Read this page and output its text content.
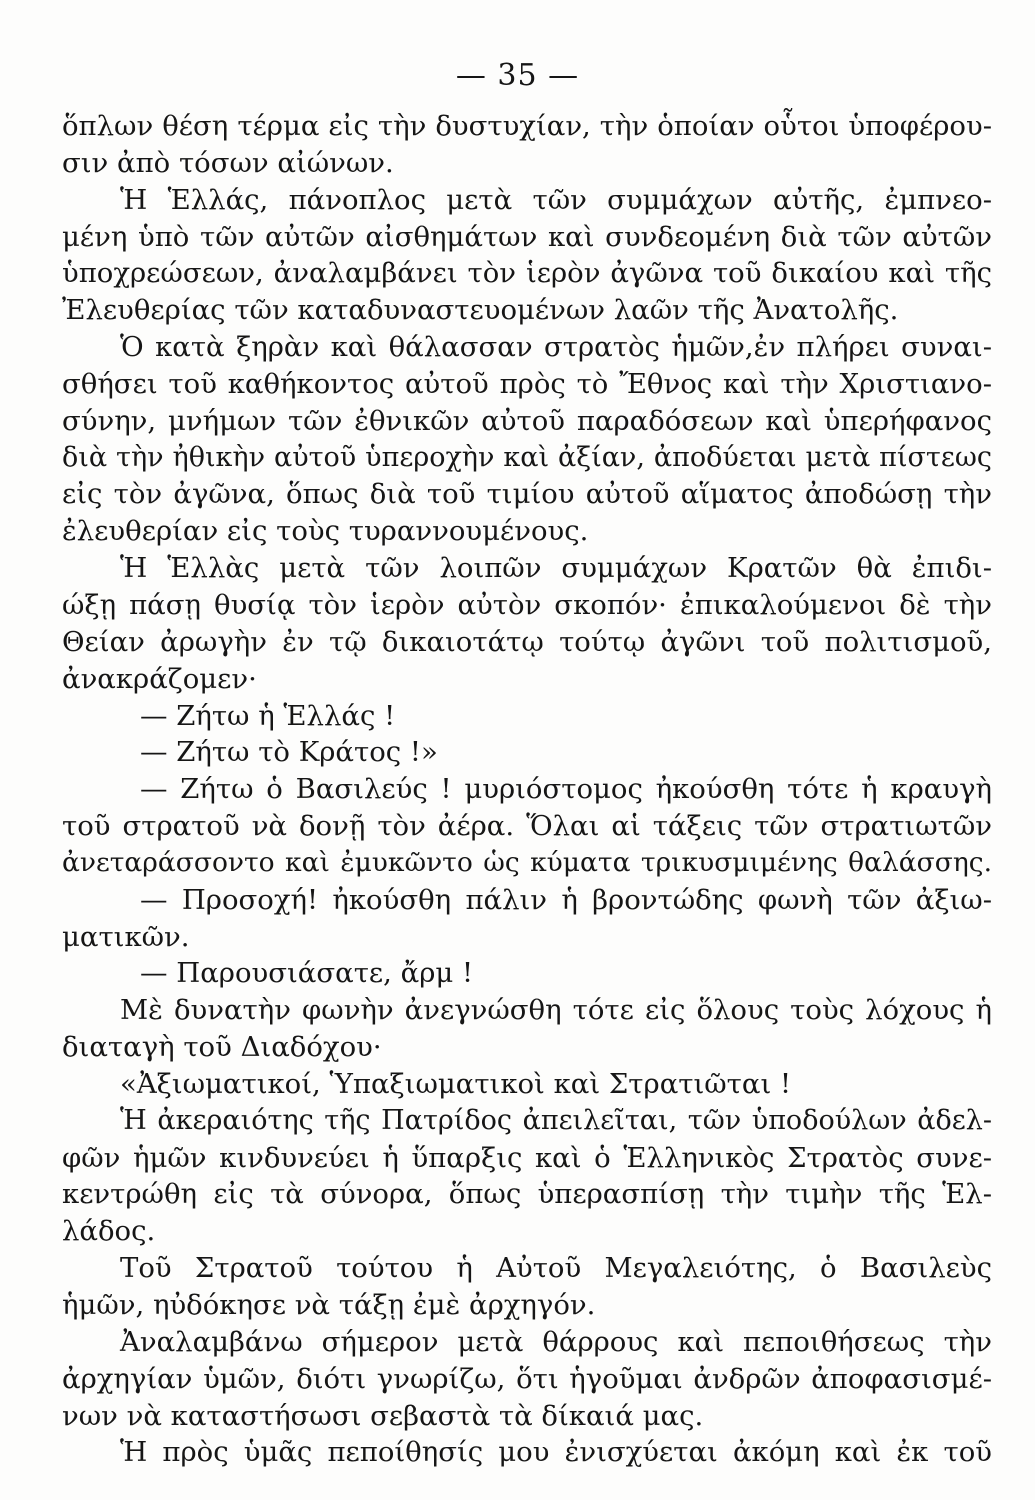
— 35 —
ὅπλων θέση τέρμα εἰς τὴν δυστυχίαν, τὴν ὁποίαν οὗτοι ὑποφέρου-
σιν ἀπὸ τόσων αἰώνων.
Ἡ Ἑλλάς, πάνοπλος μετὰ τῶν συμμάχων αὐτῆς, ἐμπνεο-
μένη ὑπὸ τῶν αὐτῶν αἰσθημάτων καὶ συνδεομένη διὰ τῶν αὐτῶν
ὑποχρεώσεων, ἀναλαμβάνει τὸν ἱερὸν ἀγῶνα τοῦ δικαίου καὶ τῆς
Ἐλευθερίας τῶν καταδυναστευομένων λαῶν τῆς Ἀνατολῆς.
Ὁ κατὰ ξηρὰν καὶ θάλασσαν στρατὸς ἡμῶν,ἐν πλήρει συναι-
σθήσει τοῦ καθήκοντος αὐτοῦ πρὸς τὸ Ἔθνος καὶ τὴν Χριστιανο-
σύνην, μνήμων τῶν ἐθνικῶν αὐτοῦ παραδόσεων καὶ ὑπερήφανος
διὰ τὴν ἠθικὴν αὐτοῦ ὑπεροχὴν καὶ ἀξίαν, ἀποδύεται μετὰ πίστεως
εἰς τὸν ἀγῶνα, ὅπως διὰ τοῦ τιμίου αὐτοῦ αἵματος ἀποδώσῃ τὴν
ἐλευθερίαν εἰς τοὺς τυραννουμένους.
Ἡ Ἑλλὰς μετὰ τῶν λοιπῶν συμμάχων Κρατῶν θὰ ἐπιδι-
ώξῃ πάσῃ θυσίᾳ τὸν ἱερὸν αὐτὸν σκοπόν· ἐπικαλούμενοι δὲ τὴν
Θείαν ἀρωγὴν ἐν τῷ δικαιοτάτῳ τούτῳ ἀγῶνι τοῦ πολιτισμοῦ,
ἀνακράζομεν·
— Ζήτω ἡ Ἑλλάς !
— Ζήτω τὸ Κράτος !»
— Ζήτω ὁ Βασιλεύς ! μυριόστομος ἠκούσθη τότε ἡ κραυγὴ
τοῦ στρατοῦ νὰ δονῇ τὸν ἀέρα. Ὅλαι αἱ τάξεις τῶν στρατιωτῶν
ἀνεταράσσοντο καὶ ἐμυκῶντο ὡς κύματα τρικυσμιμένης θαλάσσης.
— Προσοχή! ἠκούσθη πάλιν ἡ βροντώδης φωνὴ τῶν ἀξιω-
ματικῶν.
— Παρουσιάσατε, ἄρμ !
Μὲ δυνατὴν φωνὴν ἀνεγνώσθη τότε εἰς ὅλους τοὺς λόχους ἡ
διαταγὴ τοῦ Διαδόχου·
«Ἀξιωματικοί, Ὑπαξιωματικοὶ καὶ Στρατιῶται !
Ἡ ἀκεραιότης τῆς Πατρίδος ἀπειλεῖται, τῶν ὑποδούλων ἀδελ-
φῶν ἡμῶν κινδυνεύει ἡ ὕπαρξις καὶ ὁ Ἑλληνικὸς Στρατὸς συνε-
κεντρώθη εἰς τὰ σύνορα, ὅπως ὑπερασπίσῃ τὴν τιμὴν τῆς Ἑλ-
λάδος.
Τοῦ Στρατοῦ τούτου ἡ Αὐτοῦ Μεγαλειότης, ὁ Βασιλεὺς
ἡμῶν, ηὐδόκησε νὰ τάξῃ ἐμὲ ἀρχηγόν.
Ἀναλαμβάνω σήμερον μετὰ θάρρους καὶ πεποιθήσεως τὴν
ἀρχηγίαν ὑμῶν, διότι γνωρίζω, ὅτι ἡγοῦμαι ἀνδρῶν ἀποφασισμέ-
νων νὰ καταστήσωσι σεβαστὰ τὰ δίκαιά μας.
Ἡ πρὸς ὑμᾶς πεποίθησίς μου ἐνισχύεται ἀκόμη καὶ ἐκ τοῦ
